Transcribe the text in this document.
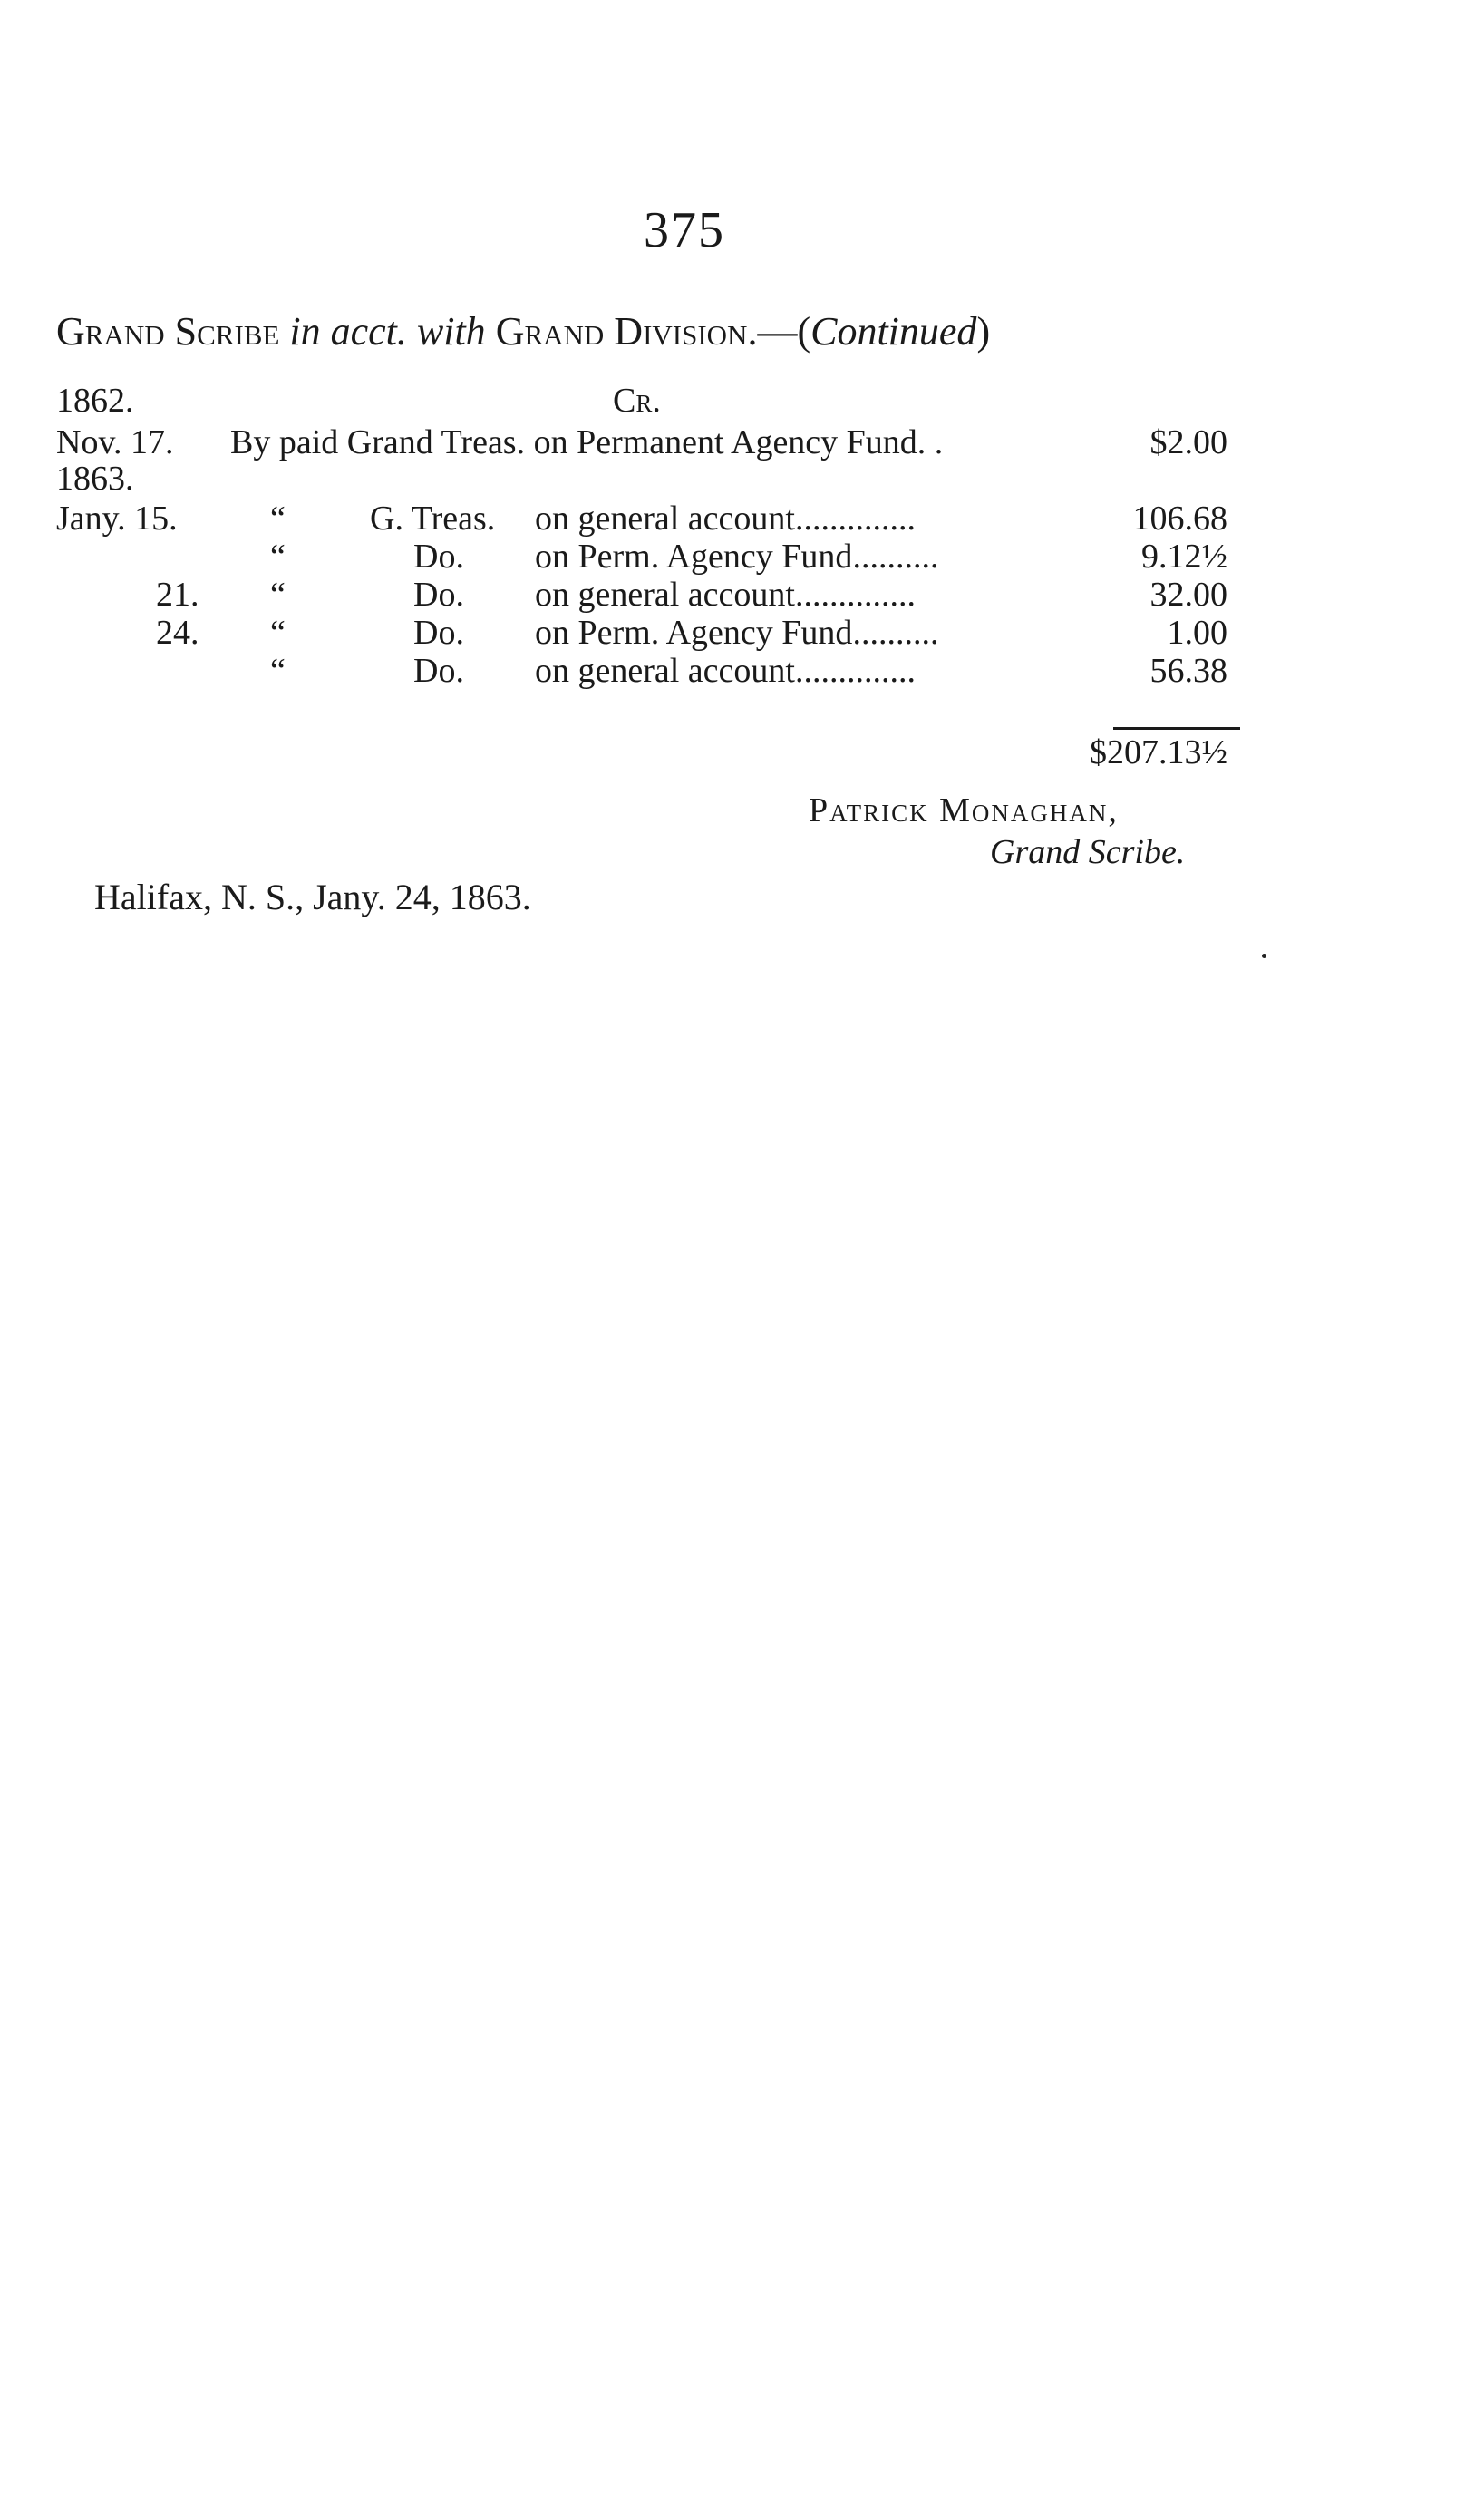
375
Grand Scribe in acct. with Grand Division.—(Continued)
1862.	Cr.
Nov. 17. By paid Grand Treas. on Permanent Agency Fund. .	$2.00
1863.
Jany. 15.	“ G. Treas. on general account..............	106.68
“	Do. on Perm. Agency Fund..........	9.12½
21. “	Do. on general account..............	32.00
24. “	Do. on Perm. Agency Fund..........	1.00
“	Do. on general account..............	56.38
$207.13½
Patrick Monaghan,
Grand Scribe.
Halifax, N. S., Jany. 24, 1863.
